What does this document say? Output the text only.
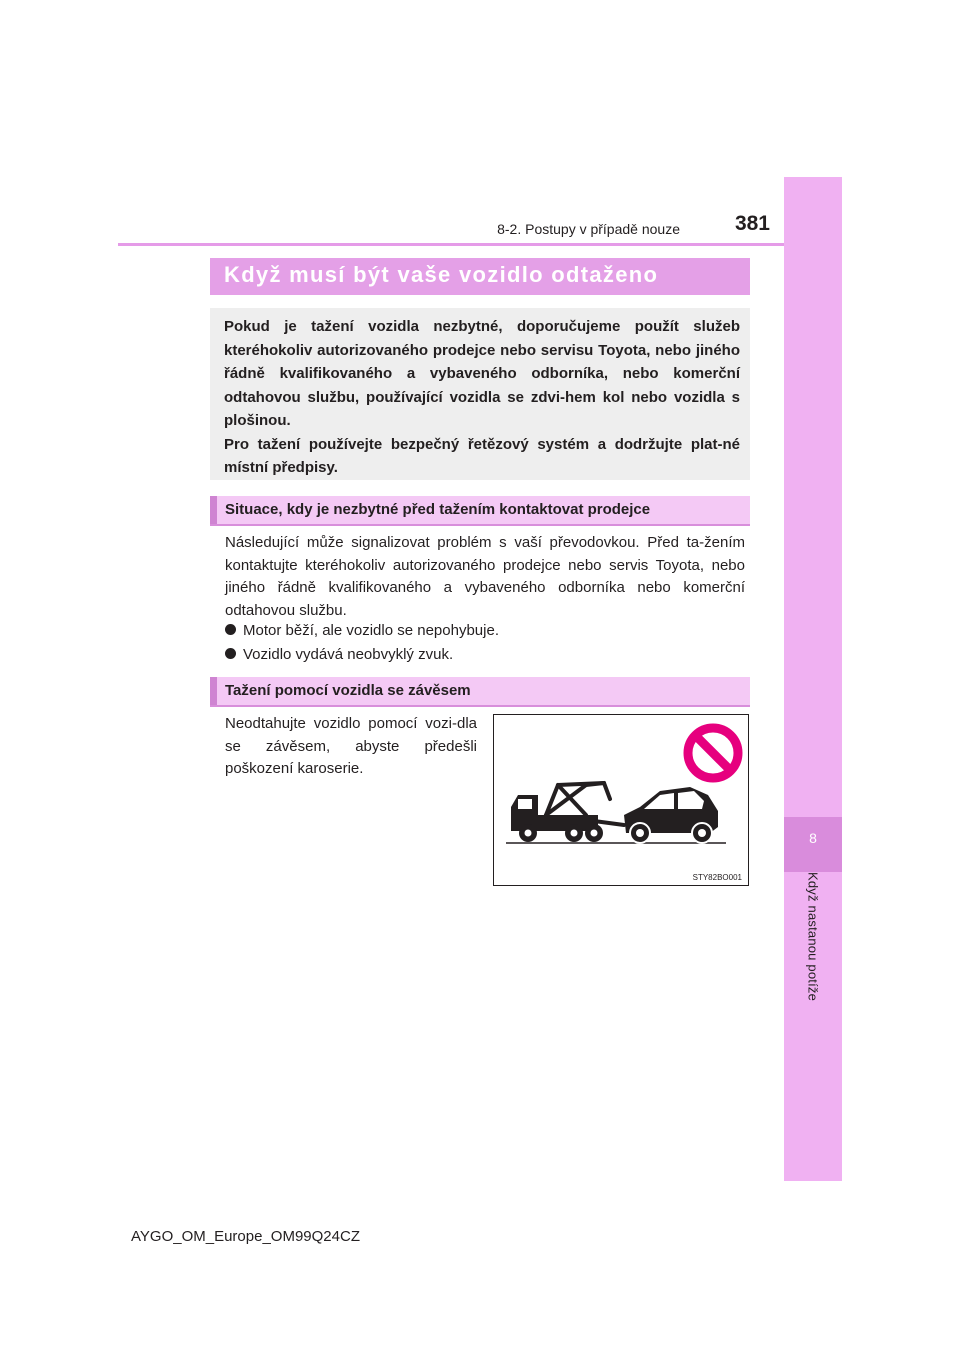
8-2. Postupy v případě nouze	381
8
Když nastanou potíže
Když musí být vaše vozidlo odtaženo

Pokud je tažení vozidla nezbytné, doporučujeme použít služeb kteréhokoliv autorizovaného prodejce nebo servisu Toyota, nebo jiného řádně kvalifikovaného a vybaveného odborníka, nebo komerční odtahovou službu, používající vozidla se zdvi-hem kol nebo vozidla s plošinou.
Pro tažení používejte bezpečný řetězový systém a dodržujte plat-né místní předpisy.

Situace, kdy je nezbytné před tažením kontaktovat prodejce

Následující může signalizovat problém s vaší převodovkou. Před ta-žením kontaktujte kteréhokoliv autorizovaného prodejce nebo servis Toyota, nebo jiného řádně kvalifikovaného a vybaveného odborníka nebo komerční odtahovou službu.

Motor běží, ale vozidlo se nepohybuje.
Vozidlo vydává neobvyklý zvuk.
Tažení pomocí vozidla se závěsem

Neodtahujte vozidlo pomocí vozi-dla se závěsem, abyste předešli poškození karoserie.

STY82BO001
AYGO_OM_Europe_OM99Q24CZ
